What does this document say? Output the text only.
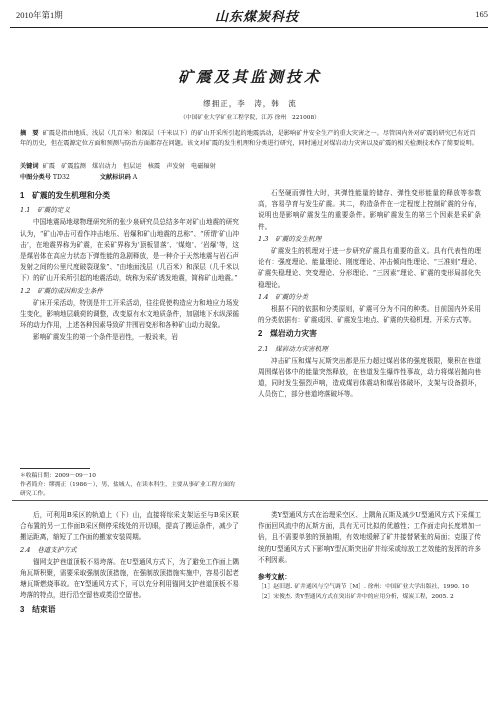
2010年第1期	山东煤炭科技	165
矿震及其监测技术
缪拥正，李　涛，韩　流
（中国矿业大学矿业工程学院，江苏 徐州　221008）
摘　要 矿震是指由地质、浅层（几百米）和深层（千米以下）的矿山开采所引起的地震活动，是影响矿井安全生产的重大灾害之一。尽管国内外对矿震的研究已有近百年的历史，但在震源定位方面和预测与防治方面都存在问题。该文对矿震的发生机理和分类进行研究，同时通过对煤岩动力灾害以及矿震的相关检测技术作了简要说明。
关键词 矿震　矿震监测　煤岩动力　但层运　核震　声发射　电磁辐射
中图分类号 TD32	文献标识码 A
1　矿震的发生机理和分类
1.1　矿震的定义
中国地震局地球物理研究所的张少泉研究员总结多年对矿山地震的研究认为，“矿山冲击可看作冲击地压、岩爆和矿山地震的总称”、“所谓‘矿山冲击’，在地震界称为矿震，在采矿界称为‘顶板冒落’、‘煤炮’、‘岩爆’等，这是煤岩体在高应力状态下弹性能的急剧释放，是一种介于天然地震与岩石声发射之间的公里尺度破裂现象”、“由地面浅层（几百米）和深层（几千米以下）的矿山开采所引起的地震活动，统称为采矿诱发地震，简称矿山地震。”
1.2　矿震的成因和发生条件
矿床开采活动，特别是井工开采活动，往往促使构造应力和地应力场发生变化，影响地层载荷的调整，改变原有水文地质条件，加剧地下水纵深循环的动力作用，上述各种因素导致矿井围岩变形和各种矿山动力现象。
影响矿震发生的第一个条件是岩性，一般说来，岩
＊收稿日期：2009－09－10
作者简介：缪拥正（1986－），男，盐城人，在读本科生，主要从事矿业工程方面的研究工作。
石坚硬而弹性大时，其弹性能量的储存、弹性变形能量的释放等参数高，容易孕育与发生矿震。其二，构造条件在一定程度上控制矿震的分布，说明也是影响矿震发生的重要条件。影响矿震发生的第三个因素是采矿条件。
1.3　矿震的发生机理
矿震发生的机理对于进一步研究矿震具有重要的意义。具有代表性的理论有：强度理论、能量理论、刚度理论、冲击倾向性理论、“三准则”理论、矿震失稳理论、突变理论、分形理论、“三因素”理论、矿震的变形局部化失稳理论。
1.4　矿震的分类
根据不同的依据和分类原则，矿震可分为不同的种类。目前国内外采用的分类依据有：矿震成因、矿震发生地点、矿震的失稳机理、开采方式等。
2　煤岩动力灾害
2.1　煤岩动力灾害机理
冲击矿压和煤与瓦斯突出都是压力超过煤岩体的强度极限，聚积在巷道周围煤岩体中的能量突然释放，在巷道发生爆炸性事故，动力将煤岩抛向巷道，同时发生强烈声响，造成煤岩体震动和煤岩体破坏，支架与设备损坏，人员伤亡，部分巷道垮落破坏等。
后，可利用B采区的轨道上（下）山，直接将综采支架运至与B采区联合布置的另一工作面B采区侧停采线处的开切眼，提高了搬运条件，减少了搬运距离，缩短了工作面的搬家安装周期。
2.4　巷道支护方式
锚网支护巷道顶板不易垮落。在U型通风方式下，为了避免工作面上隅角瓦斯积聚，需要采取强制放顶措施，在强制放顶措施实施中，容易引起老塘瓦斯燃烧事故。在Y型通风方式下，可以充分利用锚网支护巷道顶板不易垮落的特点，进行沿空留巷或类沿空留巷。
3　结束语
类Y型通风方式在治理采空区、上隅角瓦斯及减少U型通风方式下采煤工作面回风流中的瓦斯方面，具有无可比拟的优越性；工作面走向长度增加一倍，且不需要单独的预抽期，有效地缓解了矿井接替紧张的局面；克服了传统的U型通风方式下影响Y型瓦斯突出矿井综采或综放工艺效能的发挥的许多不利因素。
参考文献：
［1］赵旧恩. 矿井通风与空气调节［M］. 徐州：中国矿业大学出版社，1990. 10
［2］宋俊杰. 类Y型通风方式在突出矿井中的应用分析，煤炭工程，2005. 2
